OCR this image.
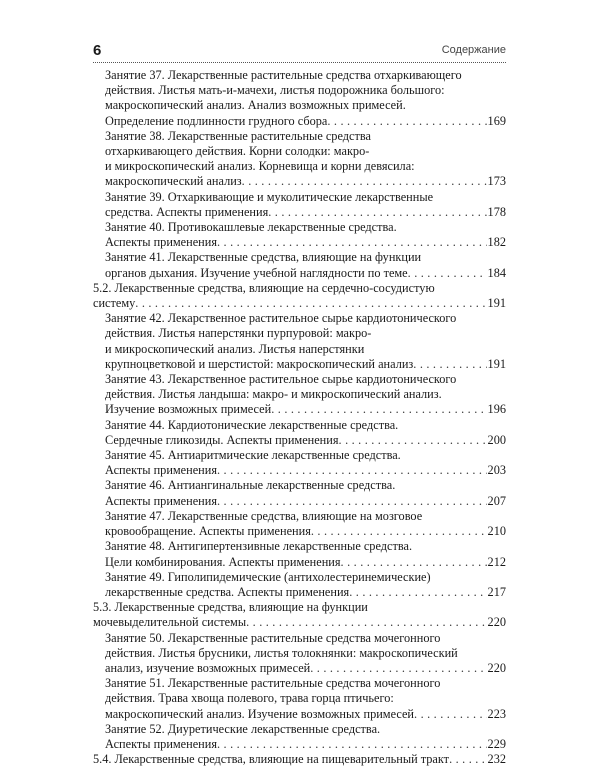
6	Содержание
Занятие 37. Лекарственные растительные средства отхаркивающего
действия. Листья мать-и-мачехи, листья подорожника большого:
макроскопический анализ. Анализ возможных примесей.
Определение подлинности грудного сбора . . .	169
Занятие 38. Лекарственные растительные средства
отхаркивающего действия. Корни солодки: макро-
и микроскопический анализ. Корневища и корни девясила:
макроскопический анализ . . .	173
Занятие 39. Отхаркивающие и муколитические лекарственные
средства. Аспекты применения . . .	178
Занятие 40. Противокашлевые лекарственные средства.
Аспекты применения . . .	182
Занятие 41. Лекарственные средства, влияющие на функции
органов дыхания. Изучение учебной наглядности по теме . . .	184
5.2. Лекарственные средства, влияющие на сердечно-сосудистую
систему . . .	191
Занятие 42. Лекарственное растительное сырье кардиотонического
действия. Листья наперстянки пурпуровой: макро-
и микроскопический анализ. Листья наперстянки
крупноцветковой и шерстистой: макроскопический анализ . . .	191
Занятие 43. Лекарственное растительное сырье кардиотонического
действия. Листья ландыша: макро- и микроскопический анализ.
Изучение возможных примесей . . .	196
Занятие 44. Кардиотонические лекарственные средства.
Сердечные гликозиды. Аспекты применения . . .	200
Занятие 45. Антиаритмические лекарственные средства.
Аспекты применения . . .	203
Занятие 46. Антиангинальные лекарственные средства.
Аспекты применения . . .	207
Занятие 47. Лекарственные средства, влияющие на мозговое
кровообращение. Аспекты применения . . .	210
Занятие 48. Антигипертензивные лекарственные средства.
Цели комбинирования. Аспекты применения . . .	212
Занятие 49. Гиполипидемические (антихолестеринемические)
лекарственные средства. Аспекты применения . . .	217
5.3. Лекарственные средства, влияющие на функции
мочевыделительной системы . . .	220
Занятие 50. Лекарственные растительные средства мочегонного
действия. Листья брусники, листья толокнянки: макроскопический
анализ, изучение возможных примесей . . .	220
Занятие 51. Лекарственные растительные средства мочегонного
действия. Трава хвоща полевого, трава горца птичьего:
макроскопический анализ. Изучение возможных примесей . . .	223
Занятие 52. Диуретические лекарственные средства.
Аспекты применения . . .	229
5.4. Лекарственные средства, влияющие на пищеварительный тракт . . .	232
